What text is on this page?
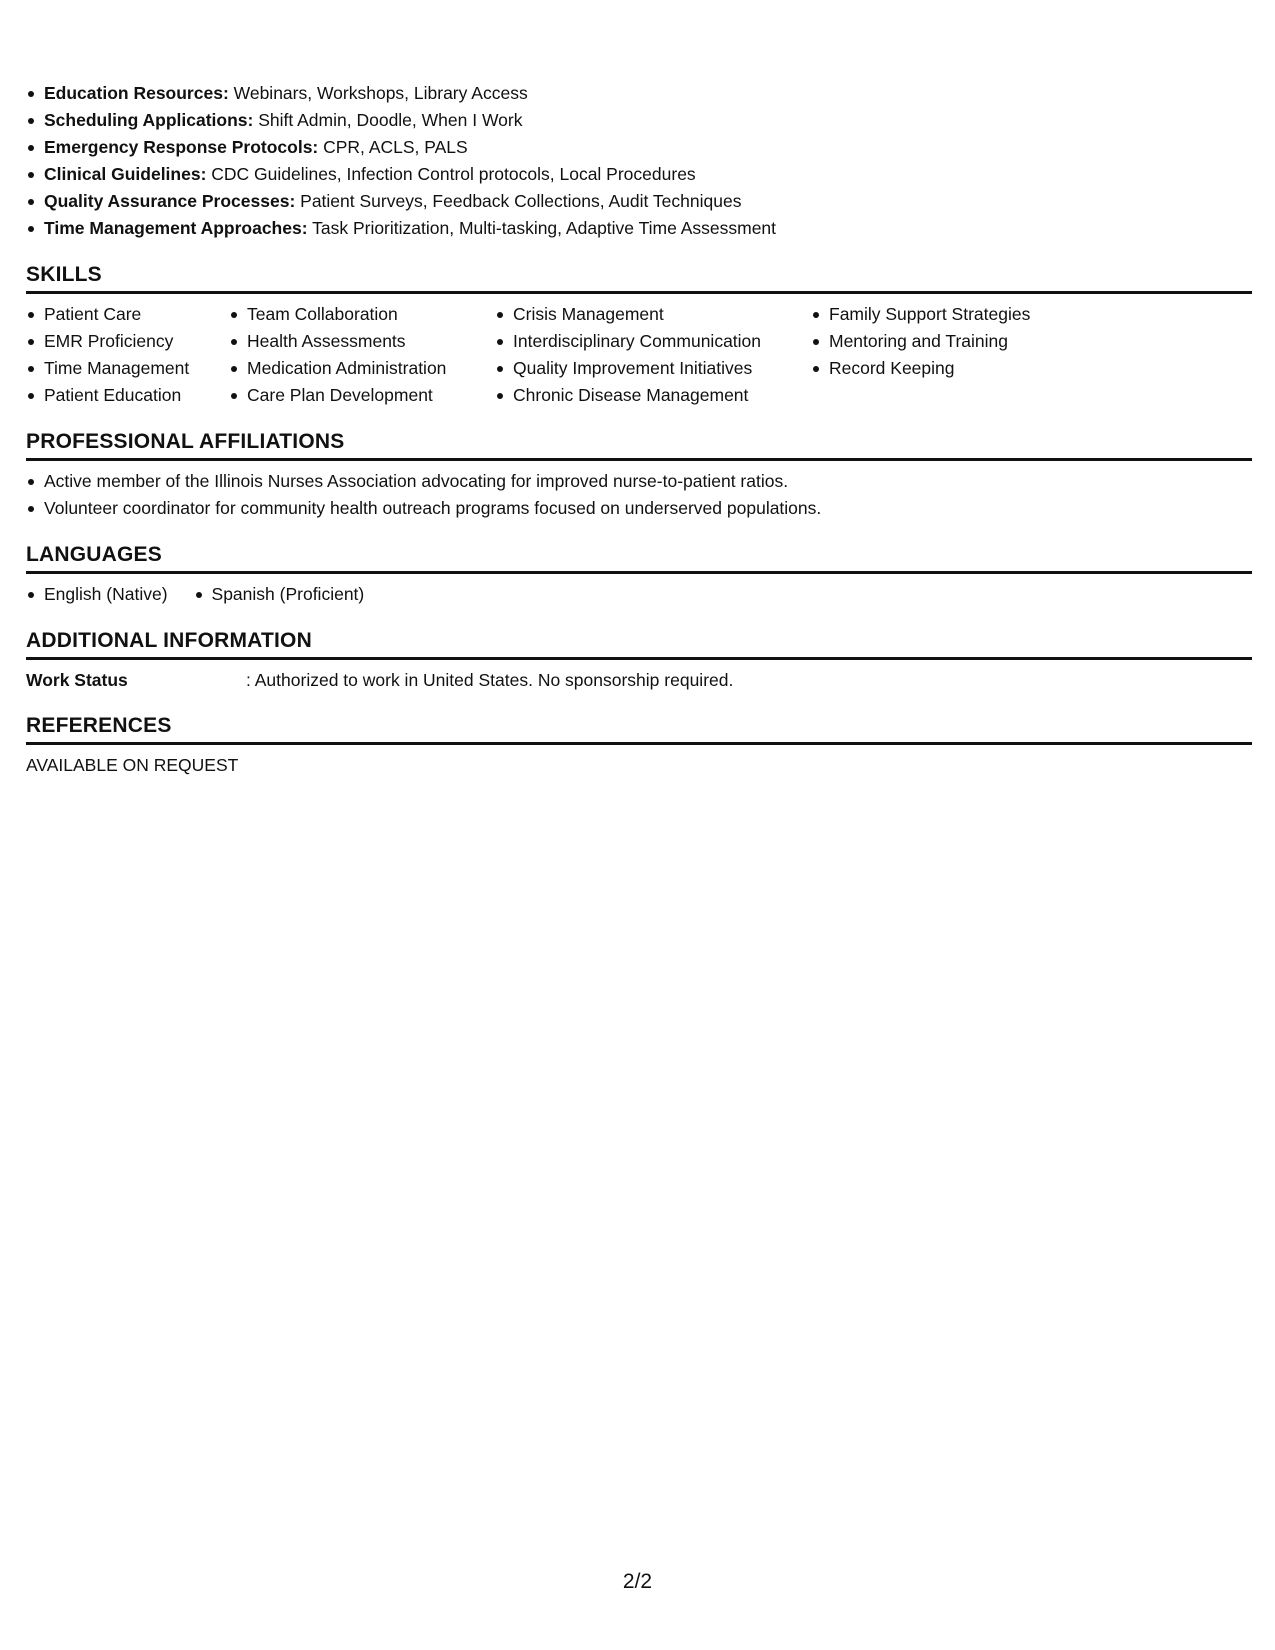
Education Resources: Webinars, Workshops, Library Access
Scheduling Applications: Shift Admin, Doodle, When I Work
Emergency Response Protocols: CPR, ACLS, PALS
Clinical Guidelines: CDC Guidelines, Infection Control protocols, Local Procedures
Quality Assurance Processes: Patient Surveys, Feedback Collections, Audit Techniques
Time Management Approaches: Task Prioritization, Multi-tasking, Adaptive Time Assessment
SKILLS
Patient Care
EMR Proficiency
Time Management
Patient Education
Team Collaboration
Health Assessments
Medication Administration
Care Plan Development
Crisis Management
Interdisciplinary Communication
Quality Improvement Initiatives
Chronic Disease Management
Family Support Strategies
Mentoring and Training
Record Keeping
PROFESSIONAL AFFILIATIONS
Active member of the Illinois Nurses Association advocating for improved nurse-to-patient ratios.
Volunteer coordinator for community health outreach programs focused on underserved populations.
LANGUAGES
English (Native)	Spanish (Proficient)
ADDITIONAL INFORMATION
Work Status	: Authorized to work in United States. No sponsorship required.
REFERENCES
AVAILABLE ON REQUEST
2/2
